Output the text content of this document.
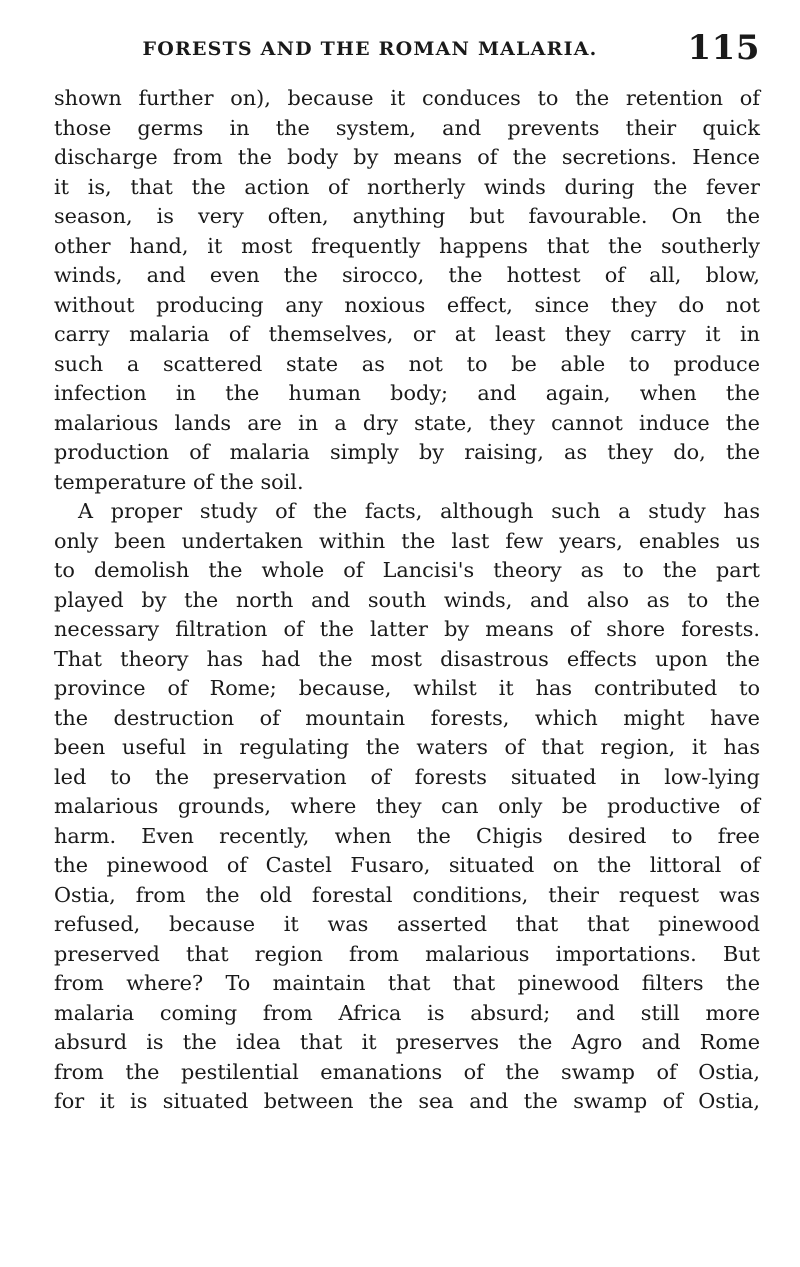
FORESTS AND THE ROMAN MALARIA.	115
shown further on), because it conduces to the retention of
those germs in the system, and prevents their quick
discharge from the body by means of the secretions. Hence
it is, that the action of northerly winds during the fever
season, is very often, anything but favourable. On the
other hand, it most frequently happens that the southerly
winds, and even the sirocco, the hottest of all, blow,
without producing any noxious effect, since they do not
carry malaria of themselves, or at least they carry it in
such a scattered state as not to be able to produce
infection in the human body; and again, when the
malarious lands are in a dry state, they cannot induce the
production of malaria simply by raising, as they do, the
temperature of the soil.
A proper study of the facts, although such a study has
only been undertaken within the last few years, enables us
to demolish the whole of Lancisi's theory as to the part
played by the north and south winds, and also as to the
necessary filtration of the latter by means of shore forests.
That theory has had the most disastrous effects upon the
province of Rome; because, whilst it has contributed to
the destruction of mountain forests, which might have
been useful in regulating the waters of that region, it has
led to the preservation of forests situated in low-lying
malarious grounds, where they can only be productive of
harm. Even recently, when the Chigis desired to free
the pinewood of Castel Fusaro, situated on the littoral of
Ostia, from the old forestal conditions, their request was
refused, because it was asserted that that pinewood
preserved that region from malarious importations. But
from where? To maintain that that pinewood filters the
malaria coming from Africa is absurd; and still more
absurd is the idea that it preserves the Agro and Rome
from the pestilential emanations of the swamp of Ostia,
for it is situated between the sea and the swamp of Ostia,
